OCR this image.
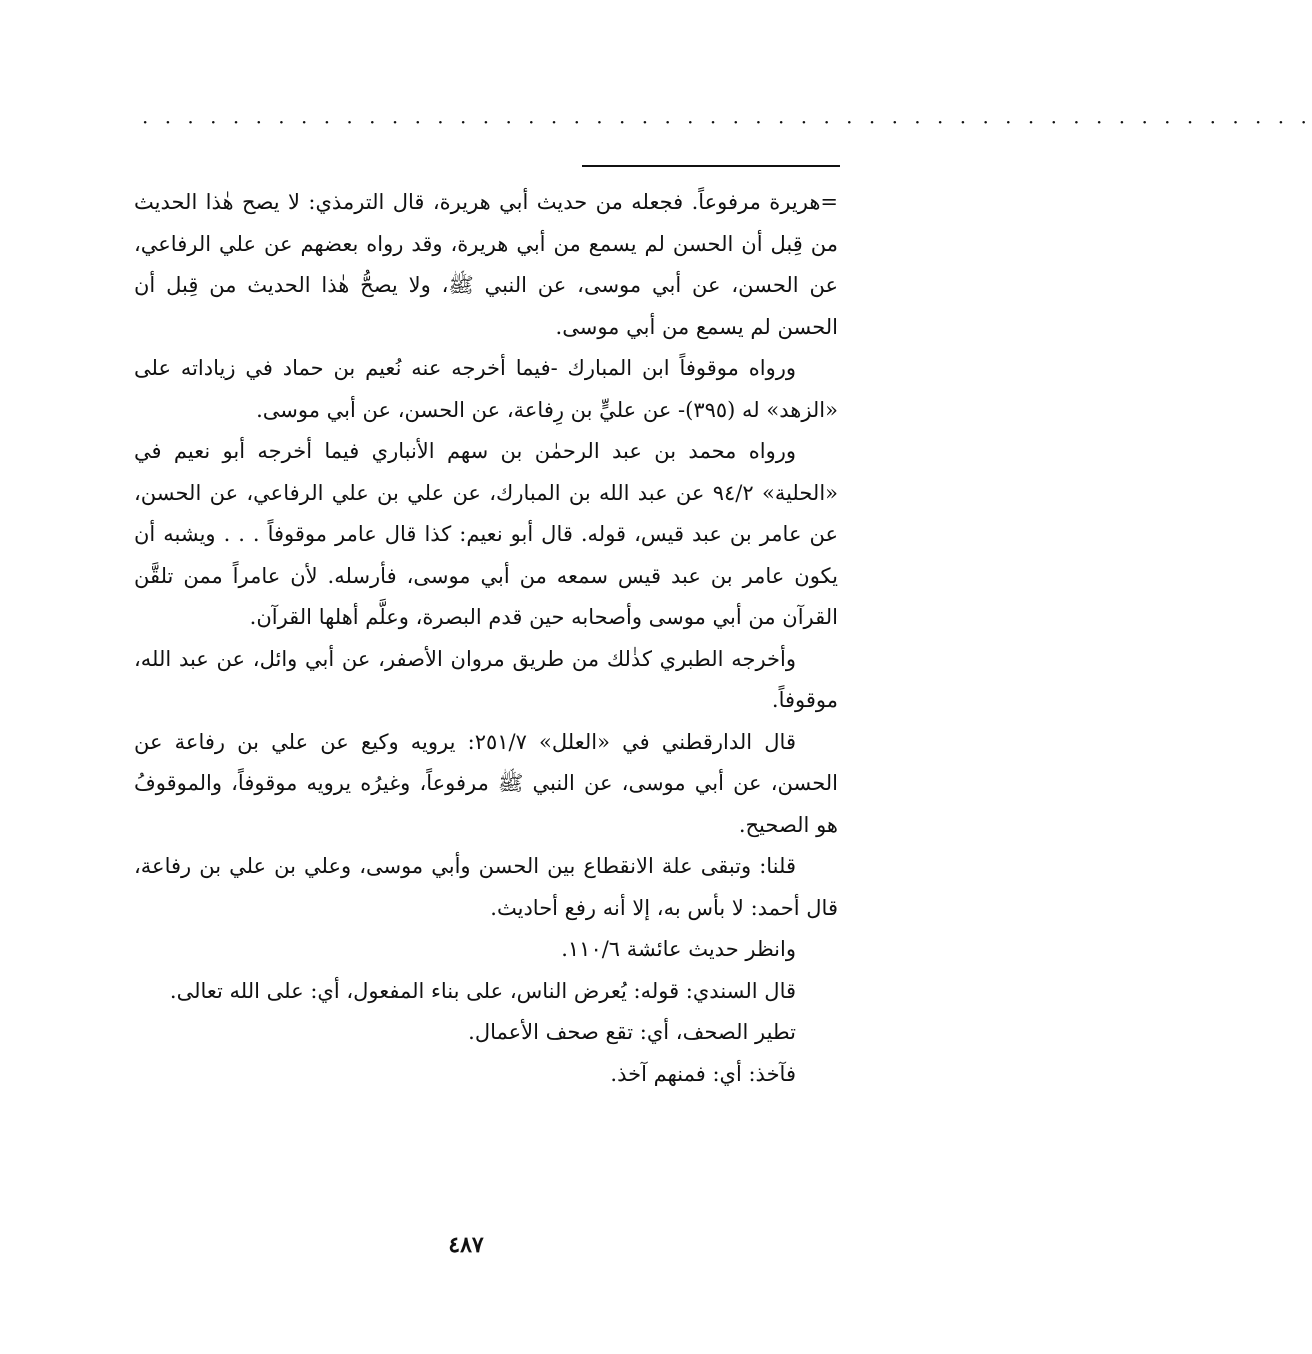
· · · · · · · · · · · · · · · · · · · · · · · · · · · · · · · · · · · · · · · · · · · · · · · · · · · ·

=هريرة مرفوعاً. فجعله من حديث أبي هريرة، قال الترمذي: لا يصح هٰذا الحديث من قِبل أن الحسن لم يسمع من أبي هريرة، وقد رواه بعضهم عن علي الرفاعي، عن الحسن، عن أبي موسى، عن النبي ﷺ، ولا يصحُّ هٰذا الحديث من قِبل أن الحسن لم يسمع من أبي موسى.

ورواه موقوفاً ابن المبارك -فيما أخرجه عنه نُعيم بن حماد في زياداته على «الزهد» له (٣٩٥)- عن عليٍّ بن رِفاعة، عن الحسن، عن أبي موسى.

ورواه محمد بن عبد الرحمٰن بن سهم الأنباري فيما أخرجه أبو نعيم في «الحلية» ٩٤/٢ عن عبد الله بن المبارك، عن علي بن علي الرفاعي، عن الحسن، عن عامر بن عبد قيس، قوله. قال أبو نعيم: كذا قال عامر موقوفاً . . . ويشبه أن يكون عامر بن عبد قيس سمعه من أبي موسى، فأرسله. لأن عامراً ممن تلقَّن القرآن من أبي موسى وأصحابه حين قدم البصرة، وعلَّم أهلها القرآن.

وأخرجه الطبري كذٰلك من طريق مروان الأصفر، عن أبي وائل، عن عبد الله، موقوفاً.

قال الدارقطني في «العلل» ٢٥١/٧: يرويه وكيع عن علي بن رفاعة عن الحسن، عن أبي موسى، عن النبي ﷺ مرفوعاً، وغيرُه يرويه موقوفاً، والموقوفُ هو الصحيح.

قلنا: وتبقى علة الانقطاع بين الحسن وأبي موسى، وعلي بن علي بن رفاعة، قال أحمد: لا بأس به، إلا أنه رفع أحاديث.

وانظر حديث عائشة ١١٠/٦.

قال السندي: قوله: يُعرض الناس، على بناء المفعول، أي: على الله تعالى.

تطير الصحف، أي: تقع صحف الأعمال.

فآخذ: أي: فمنهم آخذ.

٤٨٧
